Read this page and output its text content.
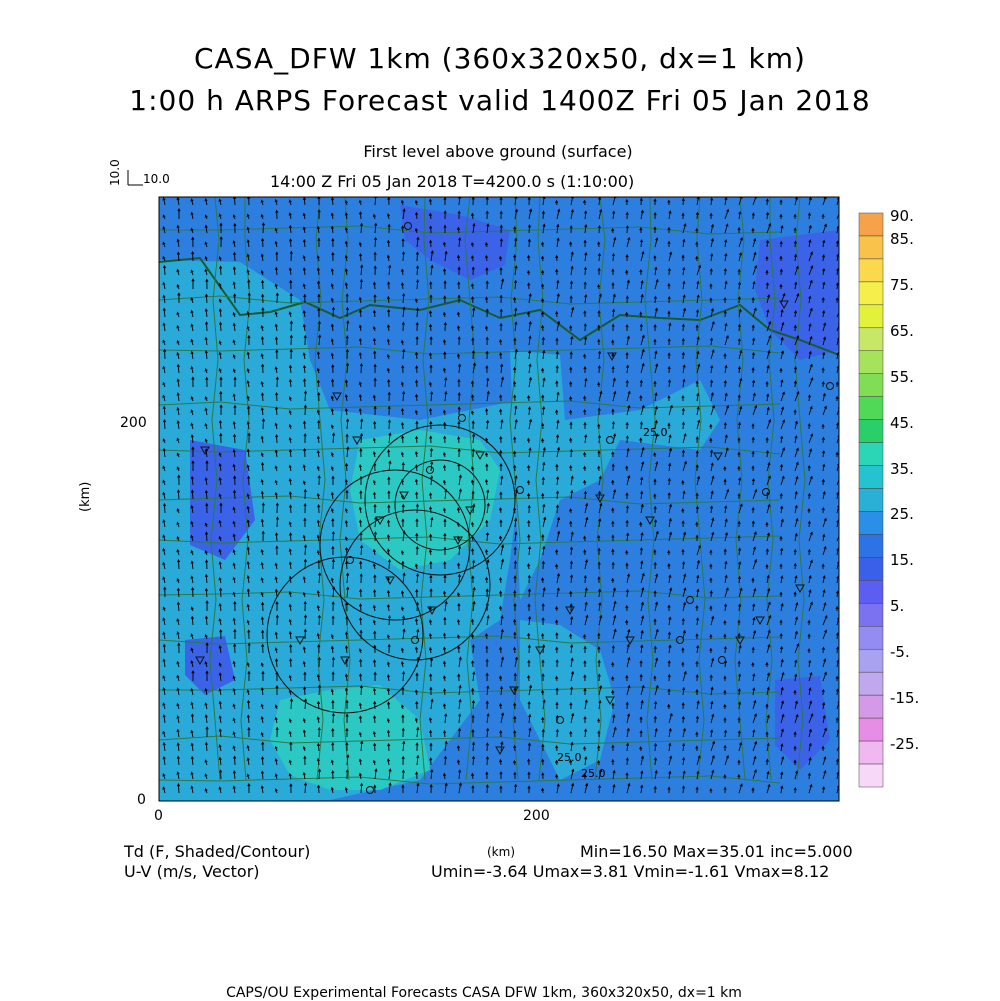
25.0
25.0
25.0
CASA_DFW 1km (360x320x50, dx=1 km)
1:00 h ARPS Forecast valid 1400Z Fri 05 Jan 2018
First level above ground (surface)
14:00 Z Fri 05 Jan 2018 T=4200.0 s (1:10:00)
10.0
10.0
(km)
200
0
0	200
(km)
Td (F, Shaded/Contour)
U-V (m/s, Vector)
Min=16.50 Max=35.01 inc=5.000
Umin=-3.64 Umax=3.81 Vmin=-1.61 Vmax=8.12
90.
85.
75.
65.
55.
45.
35.
25.
15.
5.
-5.
-15.
-25.
CAPS/OU Experimental Forecasts CASA DFW 1km, 360x320x50, dx=1 km
